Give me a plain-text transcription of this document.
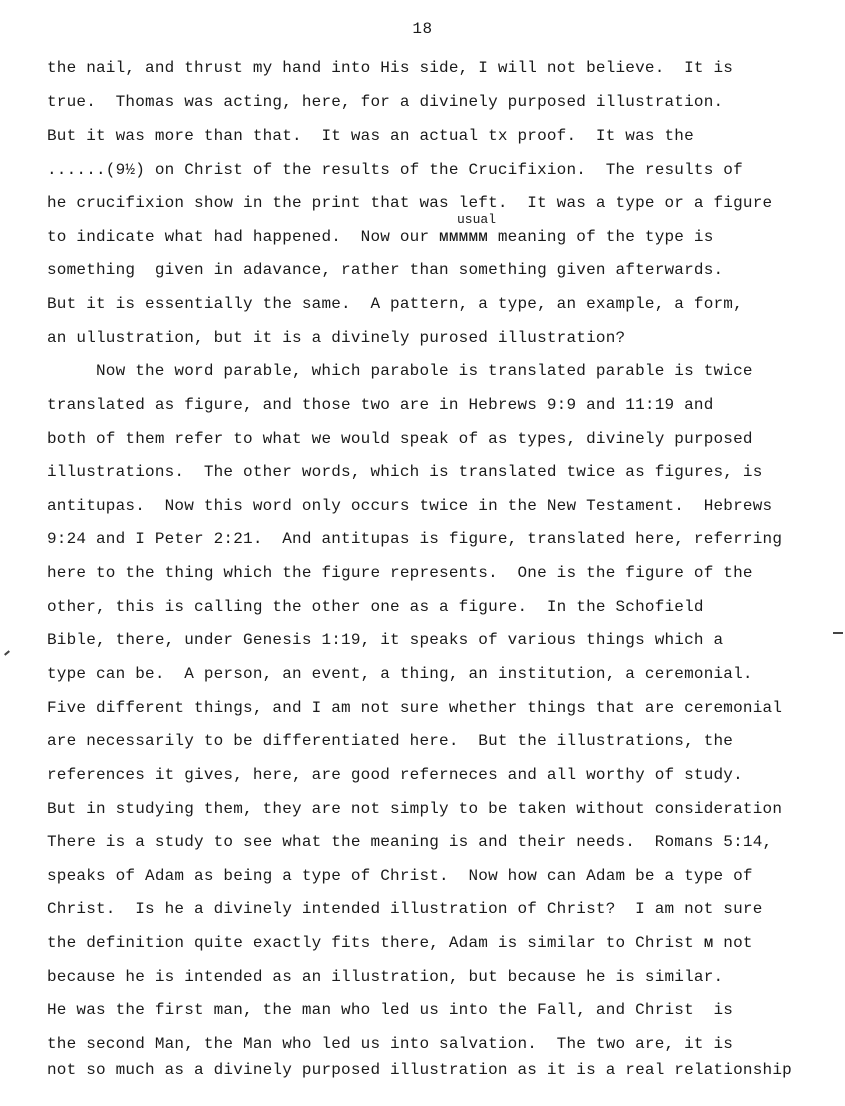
18
usual
the nail, and thrust my hand into His side, I will not believe.  It is
true.  Thomas was acting, here, for a divinely purposed illustration.
But it was more than that.  It was an actual tx proof.  It was the
......(9½) on Christ of the results of the Crucifixion.  The results of
he crucifixion show in the print that was left.  It was a type or a figure
to indicate what had happened.  Now our ᴍᴍᴍᴍᴍ meaning of the type is
something  given in adavance, rather than something given afterwards.
But it is essentially the same.  A pattern, a type, an example, a form,
an ullustration, but it is a divinely purosed illustration?
Now the word parable, which parabole is translated parable is twice
translated as figure, and those two are in Hebrews 9:9 and 11:19 and
both of them refer to what we would speak of as types, divinely purposed
illustrations.  The other words, which is translated twice as figures, is
antitupas.  Now this word only occurs twice in the New Testament.  Hebrews
9:24 and I Peter 2:21.  And antitupas is figure, translated here, referring
here to the thing which the figure represents.  One is the figure of the
other, this is calling the other one as a figure.  In the Schofield
Bible, there, under Genesis 1:19, it speaks of various things which a
type can be.  A person, an event, a thing, an institution, a ceremonial.
Five different things, and I am not sure whether things that are ceremonial
are necessarily to be differentiated here.  But the illustrations, the
references it gives, here, are good referneces and all worthy of study.
But in studying them, they are not simply to be taken without consideration
There is a study to see what the meaning is and their needs.  Romans 5:14,
speaks of Adam as being a type of Christ.  Now how can Adam be a type of
Christ.  Is he a divinely intended illustration of Christ?  I am not sure
the definition quite exactly fits there, Adam is similar to Christ ᴍ not
because he is intended as an illustration, but because he is similar.
He was the first man, the man who led us into the Fall, and Christ  is
the second Man, the Man who led us into salvation.  The two are, it is
not so much as a divinely purposed illustration as it is a real relationship
